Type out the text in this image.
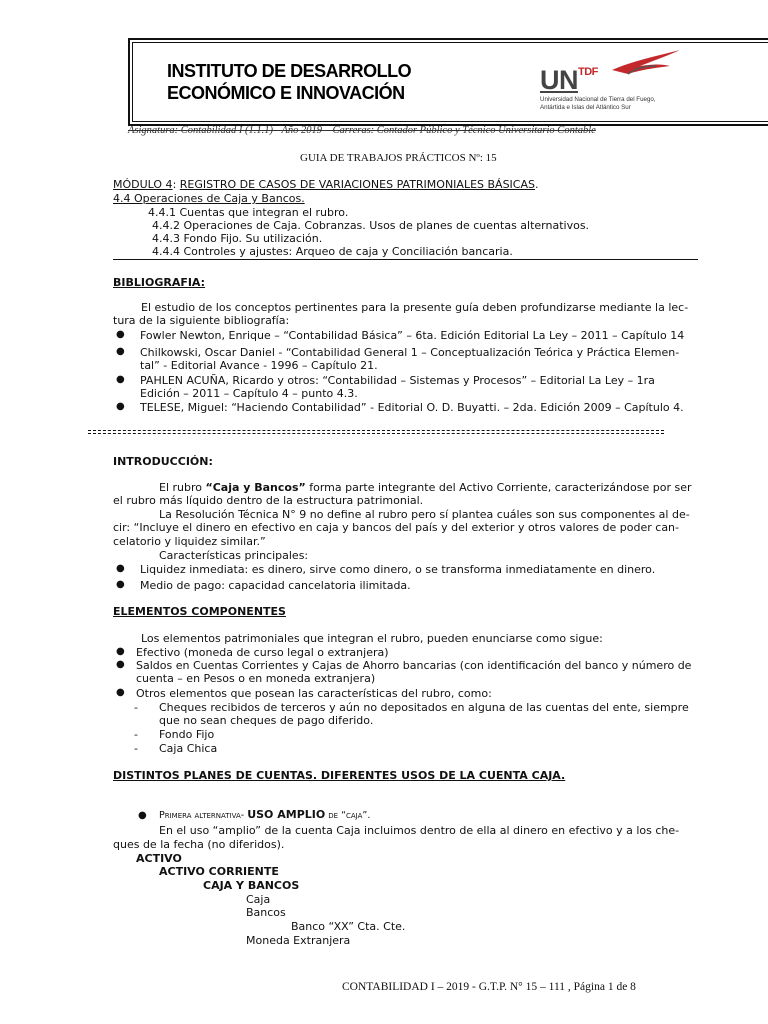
INSTITUTO DE DESARROLLO
ECONÓMICO E INNOVACIÓN	UN TDF
Universidad Nacional de Tierra del Fuego,
Antártida e Islas del Atlántico Sur
Asignatura: Contabilidad I (1.1.1) - Año 2019 – Carreras: Contador Público y Técnico Universitario Contable
GUIA DE TRABAJOS PRÁCTICOS Nº: 15
MÓDULO 4: REGISTRO DE CASOS DE VARIACIONES PATRIMONIALES BÁSICAS.
4.4 Operaciones de Caja y Bancos.
4.4.1 Cuentas que integran el rubro.
4.4.2 Operaciones de Caja. Cobranzas. Usos de planes de cuentas alternativos.
4.4.3 Fondo Fijo. Su utilización.
4.4.4 Controles y ajustes: Arqueo de caja y Conciliación bancaria.
BIBLIOGRAFIA:
El estudio de los conceptos pertinentes para la presente guía deben profundizarse mediante la lec-
tura de la siguiente bibliografía:
● Fowler Newton, Enrique – “Contabilidad Básica” – 6ta. Edición Editorial La Ley – 2011 – Capítulo 14
● Chilkowski, Oscar Daniel - “Contabilidad General 1 – Conceptualización Teórica y Práctica Elemen-
tal” - Editorial Avance - 1996 – Capítulo 21.
● PAHLEN ACUÑA, Ricardo y otros: “Contabilidad – Sistemas y Procesos” – Editorial La Ley – 1ra
Edición – 2011 – Capítulo 4 – punto 4.3.
● TELESE, Miguel: “Haciendo Contabilidad” - Editorial O. D. Buyatti. – 2da. Edición 2009 – Capítulo 4.
INTRODUCCIÓN:
El rubro “Caja y Bancos” forma parte integrante del Activo Corriente, caracterizándose por ser
el rubro más líquido dentro de la estructura patrimonial.
La Resolución Técnica N° 9 no define al rubro pero sí plantea cuáles son sus componentes al de-
cir: “Incluye el dinero en efectivo en caja y bancos del país y del exterior y otros valores de poder can-
celatorio y liquidez similar.”
Características principales:
● Liquidez inmediata: es dinero, sirve como dinero, o se transforma inmediatamente en dinero.
● Medio de pago: capacidad cancelatoria ilimitada.
ELEMENTOS COMPONENTES
Los elementos patrimoniales que integran el rubro, pueden enunciarse como sigue:
● Efectivo (moneda de curso legal o extranjera)
● Saldos en Cuentas Corrientes y Cajas de Ahorro bancarias (con identificación del banco y número de
cuenta – en Pesos o en moneda extranjera)
● Otros elementos que posean las características del rubro, como:
- Cheques recibidos de terceros y aún no depositados en alguna de las cuentas del ente, siempre
que no sean cheques de pago diferido.
- Fondo Fijo
- Caja Chica
DISTINTOS PLANES DE CUENTAS. DIFERENTES USOS DE LA CUENTA CAJA.
● Primera alternativa- USO AMPLIO de “caja”.
En el uso “amplio” de la cuenta Caja incluimos dentro de ella al dinero en efectivo y a los che-
ques de la fecha (no diferidos).
ACTIVO
ACTIVO CORRIENTE
CAJA Y BANCOS
Caja
Bancos
Banco “XX” Cta. Cte.
Moneda Extranjera
CONTABILIDAD I – 2019 - G.T.P. N° 15 – 111 , Página 1 de 8
